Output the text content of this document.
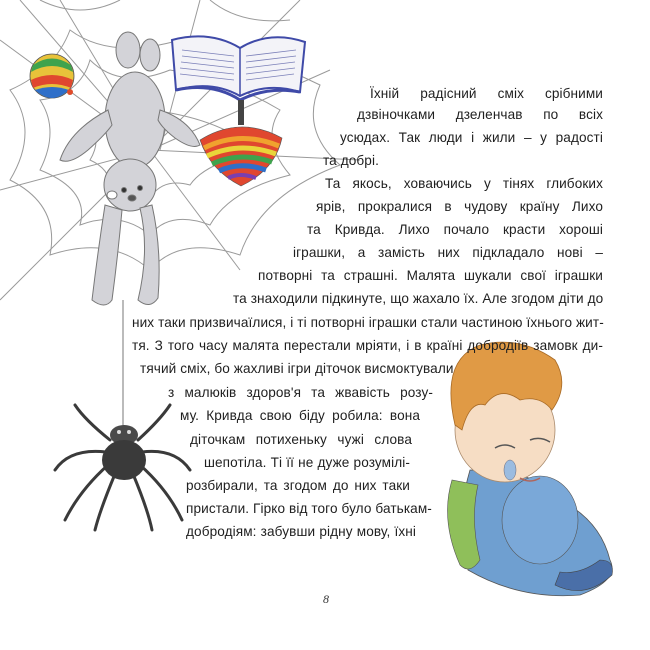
Їхній радісний сміх срібними
дзвіночками дзеленчав по всіх
усюдах. Так люди і жили – у радості
та добрі.
Та якось, ховаючись у тінях глибоких
ярів, прокралися в чудову країну Лихо
та Кривда. Лихо почало красти хороші
іграшки, а замість них підкладало нові –
потворні та страшні. Малята шукали свої іграшки
та знаходили підкинуте, що жахало їх. Але згодом діти до
них таки призвичаїлися, і ті потворні іграшки стали частиною їхнього жит-
тя. З того часу малята перестали мріяти, і в країні добродіїв замовк ди-
тячий сміх, бо жахливі ігри діточок висмоктували
з малюків здоров'я та жвавість розу-
му. Кривда свою біду робила: вона
діточкам потихеньку чужі слова
шепотіла. Ті її не дуже розумілі-
розбирали, та згодом до них таки
пристали. Гірко від того було батькам-
добродіям: забувши рідну мову, їхні
8
